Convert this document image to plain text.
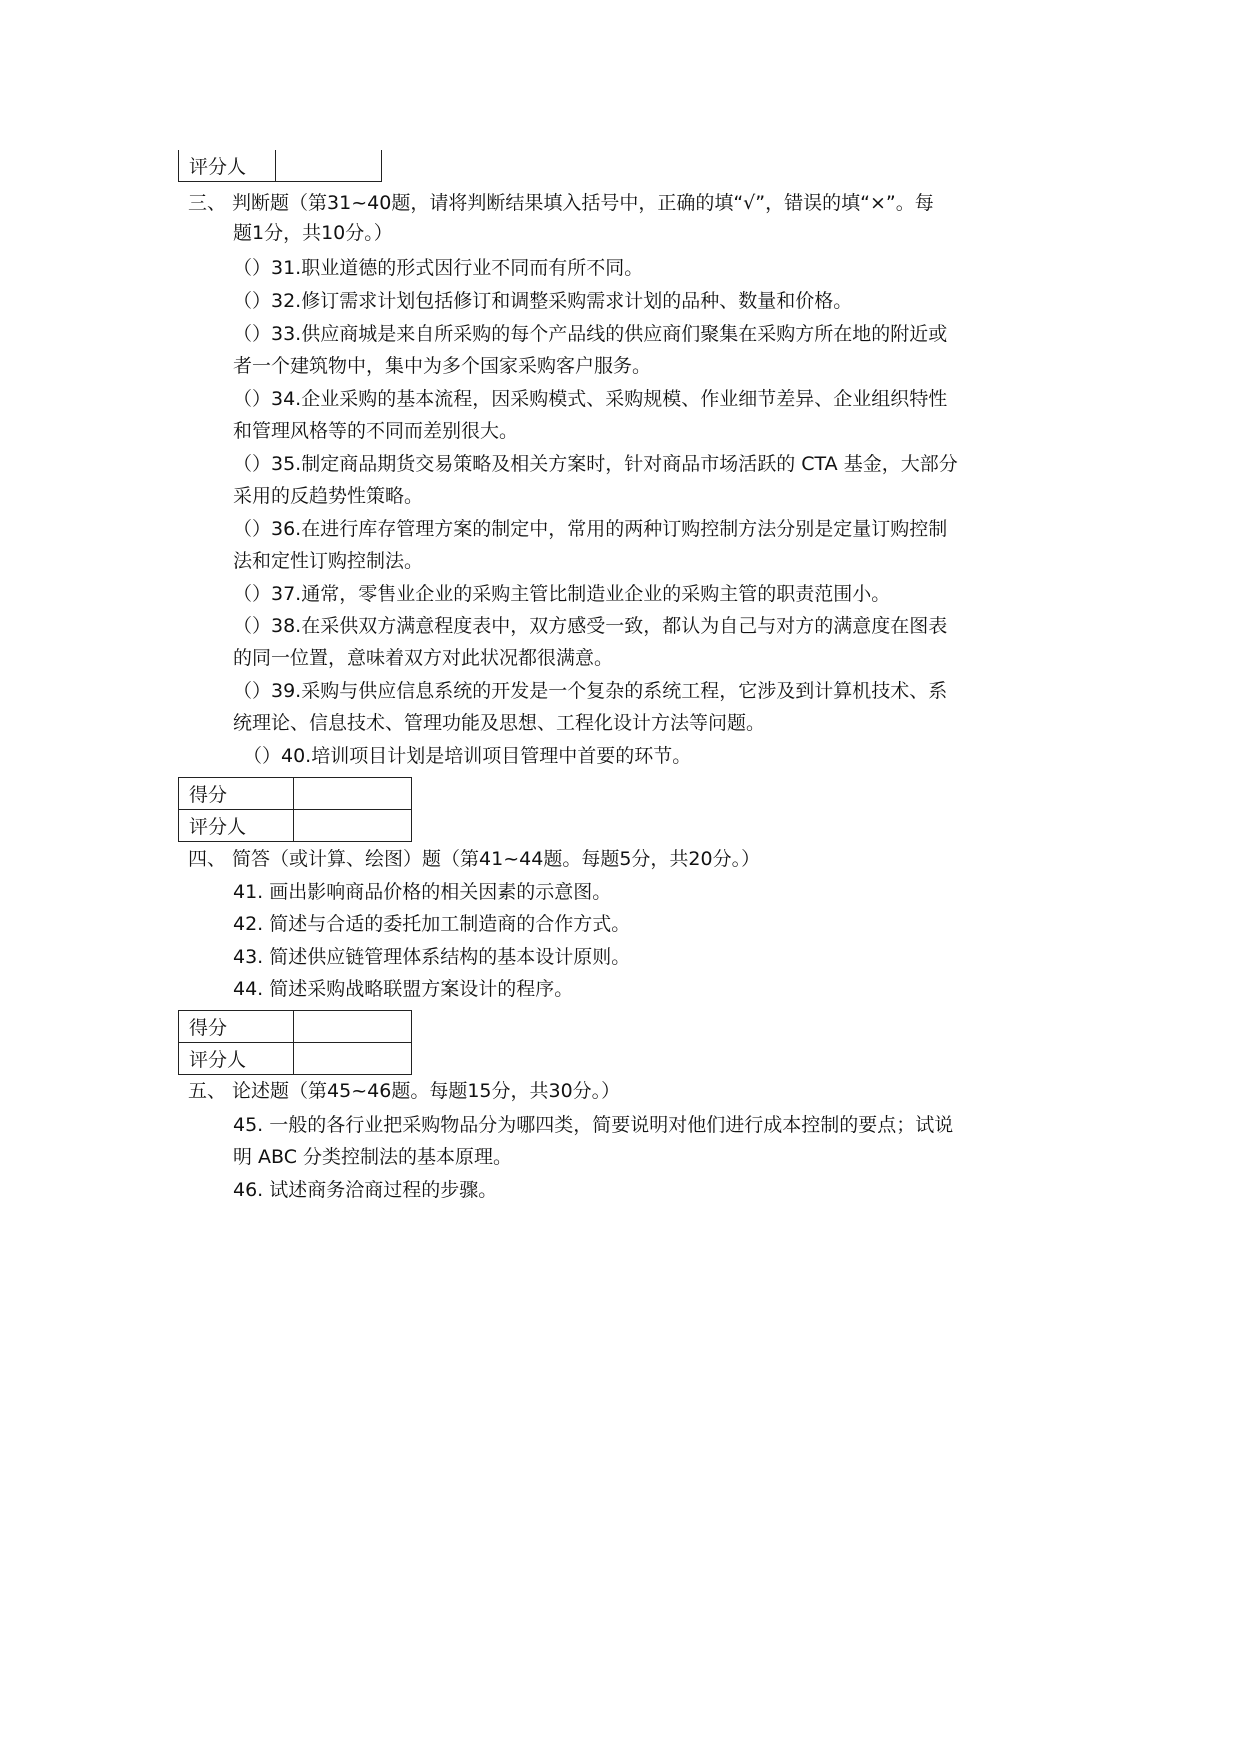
评分人	
三、 判断题（第31~40题，请将判断结果填入括号中，正确的填“√”，错误的填“×”。每
题1分，共10分。）
（）31.职业道德的形式因行业不同而有所不同。
（）32.修订需求计划包括修订和调整采购需求计划的品种、数量和价格。
（）33.供应商城是来自所采购的每个产品线的供应商们聚集在采购方所在地的附近或
者一个建筑物中，集中为多个国家采购客户服务。
（）34.企业采购的基本流程，因采购模式、采购规模、作业细节差异、企业组织特性
和管理风格等的不同而差别很大。
（）35.制定商品期货交易策略及相关方案时，针对商品市场活跃的 CTA 基金，大部分
采用的反趋势性策略。
（）36.在进行库存管理方案的制定中，常用的两种订购控制方法分别是定量订购控制
法和定性订购控制法。
（）37.通常，零售业企业的采购主管比制造业企业的采购主管的职责范围小。
（）38.在采供双方满意程度表中，双方感受一致，都认为自己与对方的满意度在图表
的同一位置，意味着双方对此状况都很满意。
（）39.采购与供应信息系统的开发是一个复杂的系统工程，它涉及到计算机技术、系
统理论、信息技术、管理功能及思想、工程化设计方法等问题。
（）40.培训项目计划是培训项目管理中首要的环节。
得分	
评分人	
四、 简答（或计算、绘图）题（第41~44题。每题5分，共20分。）
41. 画出影响商品价格的相关因素的示意图。
42. 简述与合适的委托加工制造商的合作方式。
43. 简述供应链管理体系结构的基本设计原则。
44. 简述采购战略联盟方案设计的程序。
得分	
评分人	
五、 论述题（第45~46题。每题15分，共30分。）
45. 一般的各行业把采购物品分为哪四类，简要说明对他们进行成本控制的要点；试说
明 ABC 分类控制法的基本原理。
46. 试述商务洽商过程的步骤。
